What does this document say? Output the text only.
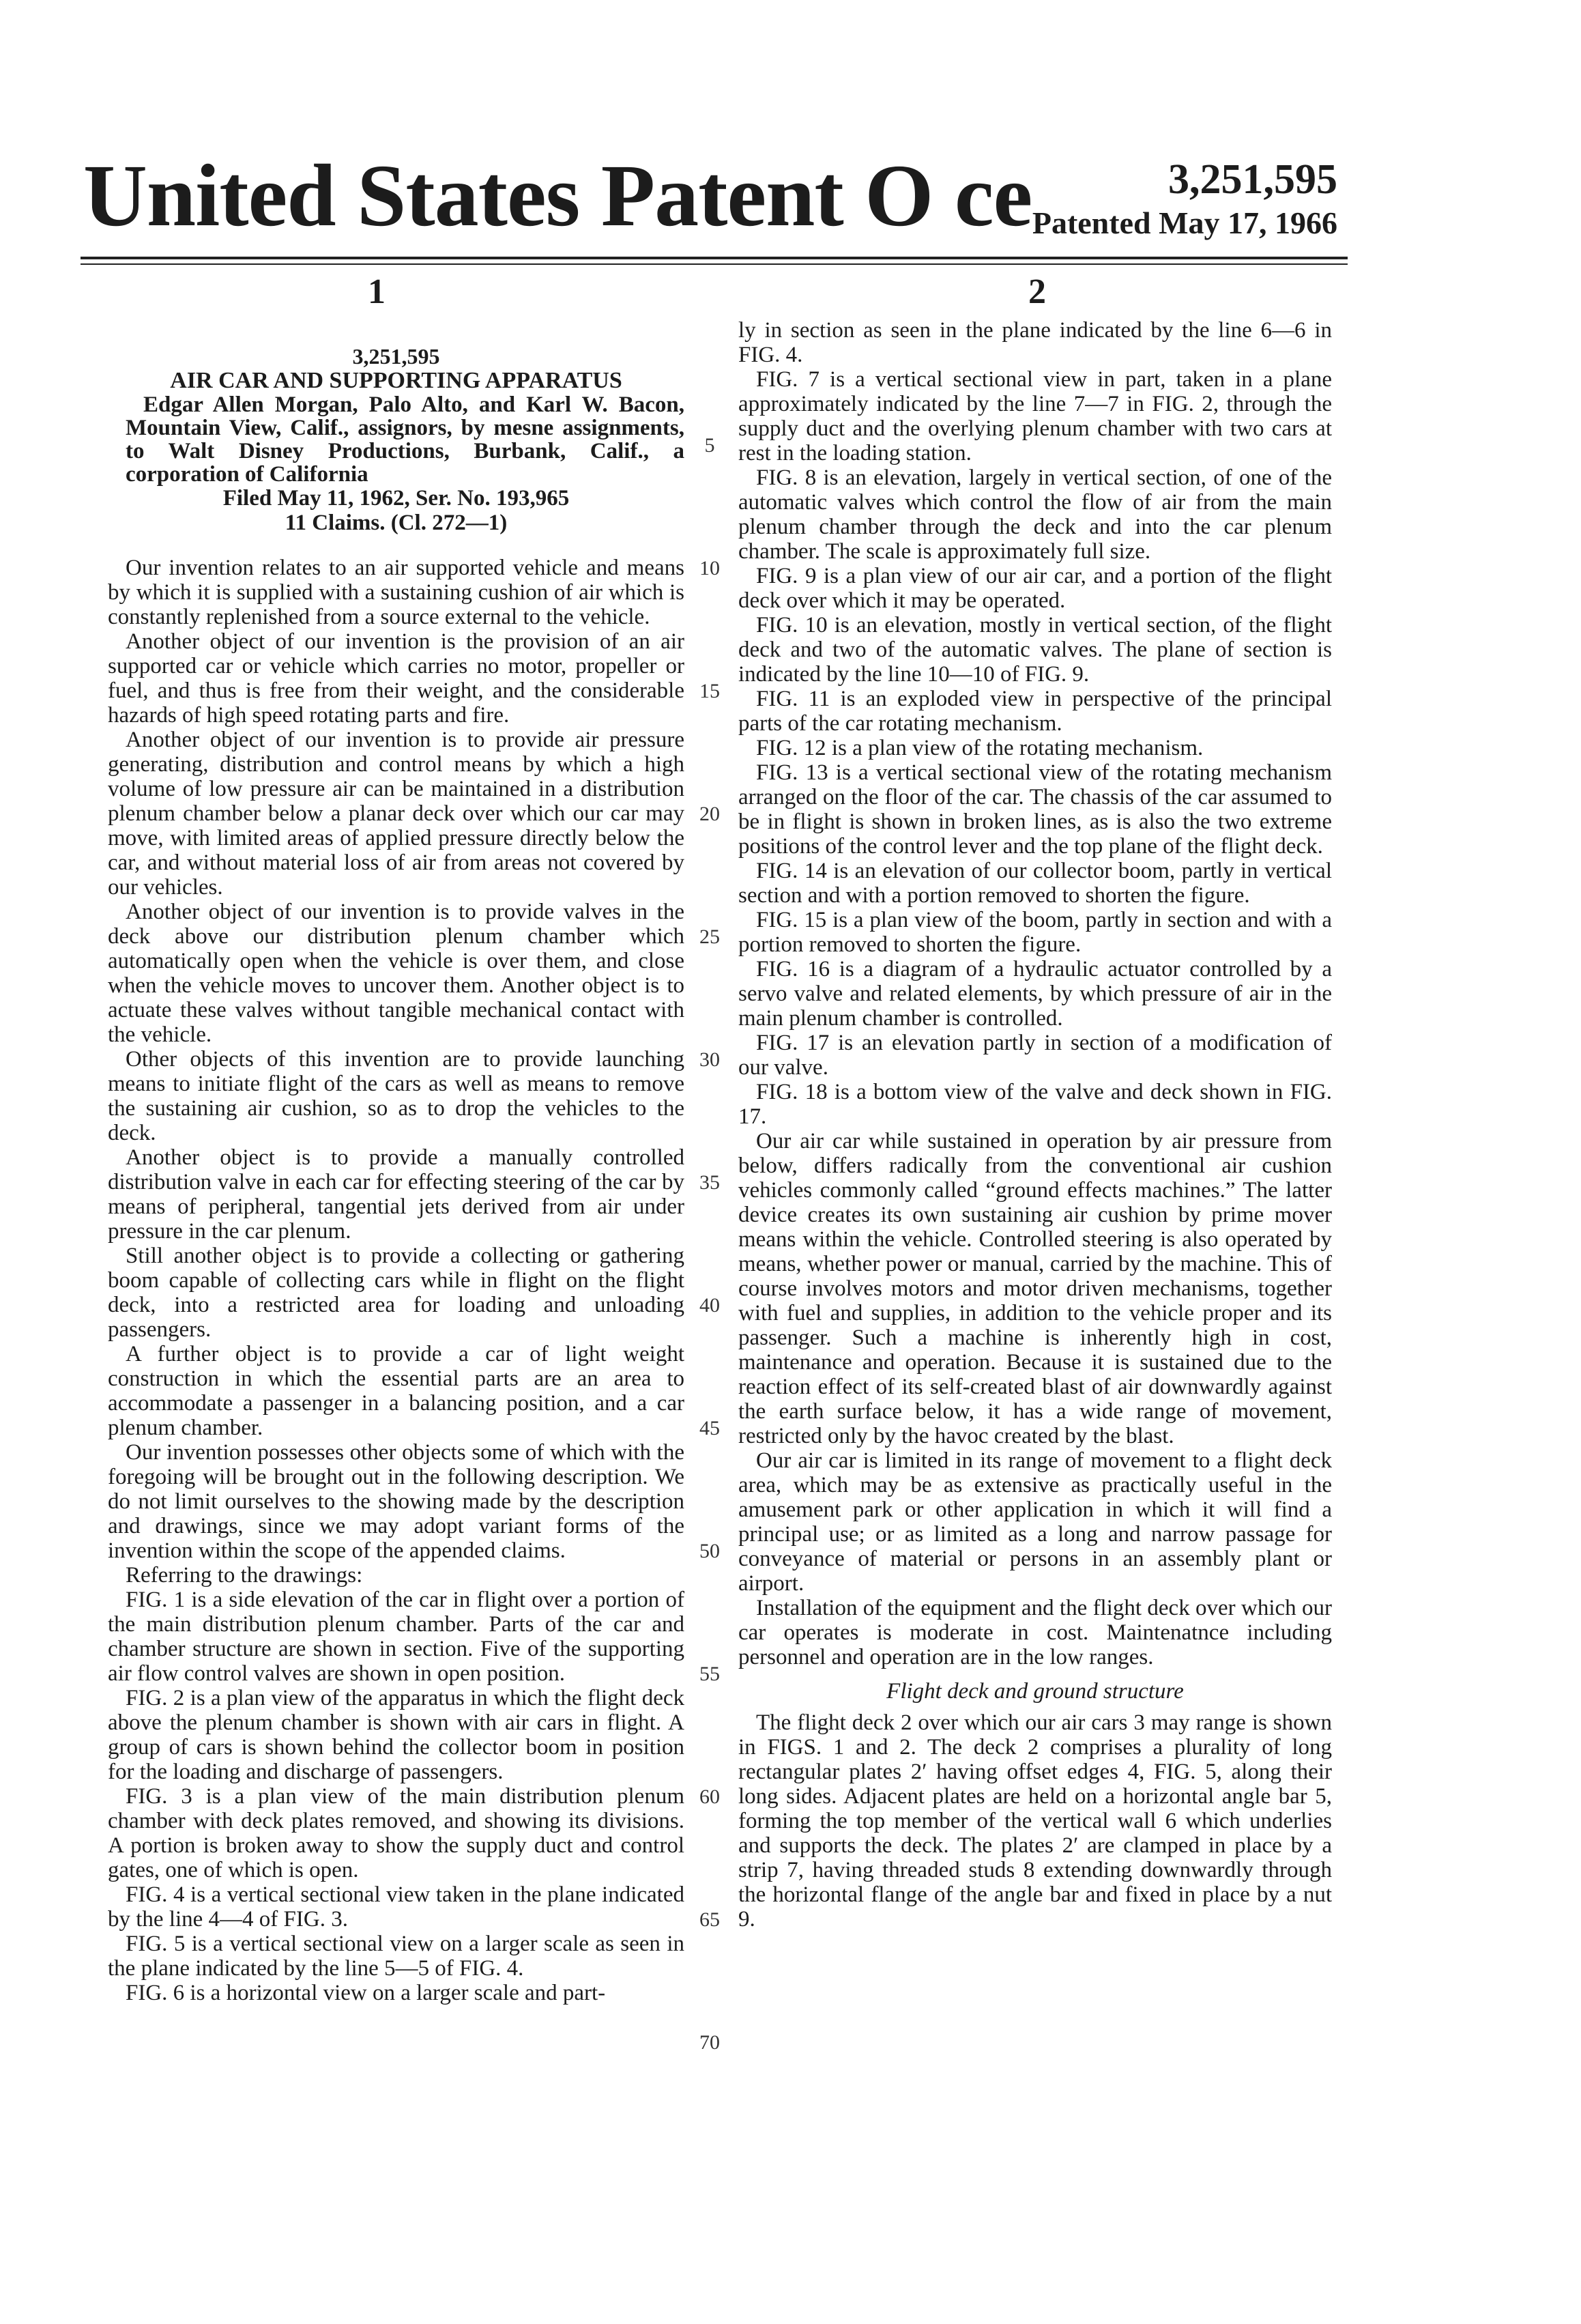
United States Patent O ce	3,251,595
Patented May 17, 1966
1	2
3,251,595
AIR CAR AND SUPPORTING APPARATUS

Edgar Allen Morgan, Palo Alto, and Karl W. Bacon, Mountain View, Calif., assignors, by mesne assignments, to Walt Disney Productions, Burbank, Calif., a corporation of California

Filed May 11, 1962, Ser. No. 193,965
11 Claims. (Cl. 272—1)

Our invention relates to an air supported vehicle and means by which it is supplied with a sustaining cushion of air which is constantly replenished from a source external to the vehicle.

Another object of our invention is the provision of an air supported car or vehicle which carries no motor, propeller or fuel, and thus is free from their weight, and the considerable hazards of high speed rotating parts and fire.

Another object of our invention is to provide air pressure generating, distribution and control means by which a high volume of low pressure air can be maintained in a distribution plenum chamber below a planar deck over which our car may move, with limited areas of applied pressure directly below the car, and without material loss of air from areas not covered by our vehicles.

Another object of our invention is to provide valves in the deck above our distribution plenum chamber which automatically open when the vehicle is over them, and close when the vehicle moves to uncover them. Another object is to actuate these valves without tangible mechanical contact with the vehicle.

Other objects of this invention are to provide launching means to initiate flight of the cars as well as means to remove the sustaining air cushion, so as to drop the vehicles to the deck.

Another object is to provide a manually controlled distribution valve in each car for effecting steering of the car by means of peripheral, tangential jets derived from air under pressure in the car plenum.

Still another object is to provide a collecting or gathering boom capable of collecting cars while in flight on the flight deck, into a restricted area for loading and unloading passengers.

A further object is to provide a car of light weight construction in which the essential parts are an area to accommodate a passenger in a balancing position, and a car plenum chamber.

Our invention possesses other objects some of which with the foregoing will be brought out in the following description. We do not limit ourselves to the showing made by the description and drawings, since we may adopt variant forms of the invention within the scope of the appended claims.

Referring to the drawings:

FIG. 1 is a side elevation of the car in flight over a portion of the main distribution plenum chamber. Parts of the car and chamber structure are shown in section. Five of the supporting air flow control valves are shown in open position.

FIG. 2 is a plan view of the apparatus in which the flight deck above the plenum chamber is shown with air cars in flight. A group of cars is shown behind the collector boom in position for the loading and discharge of passengers.

FIG. 3 is a plan view of the main distribution plenum chamber with deck plates removed, and showing its divisions. A portion is broken away to show the supply duct and control gates, one of which is open.

FIG. 4 is a vertical sectional view taken in the plane indicated by the line 4—4 of FIG. 3.

FIG. 5 is a vertical sectional view on a larger scale as seen in the plane indicated by the line 5—5 of FIG. 4.

FIG. 6 is a horizontal view on a larger scale and part-

5
10
15
20
25
30
35
40
45
50
55
60
65
70

ly in section as seen in the plane indicated by the line 6—6 in FIG. 4.

FIG. 7 is a vertical sectional view in part, taken in a plane approximately indicated by the line 7—7 in FIG. 2, through the supply duct and the overlying plenum chamber with two cars at rest in the loading station.

FIG. 8 is an elevation, largely in vertical section, of one of the automatic valves which control the flow of air from the main plenum chamber through the deck and into the car plenum chamber. The scale is approximately full size.

FIG. 9 is a plan view of our air car, and a portion of the flight deck over which it may be operated.

FIG. 10 is an elevation, mostly in vertical section, of the flight deck and two of the automatic valves. The plane of section is indicated by the line 10—10 of FIG. 9.

FIG. 11 is an exploded view in perspective of the principal parts of the car rotating mechanism.

FIG. 12 is a plan view of the rotating mechanism.

FIG. 13 is a vertical sectional view of the rotating mechanism arranged on the floor of the car. The chassis of the car assumed to be in flight is shown in broken lines, as is also the two extreme positions of the control lever and the top plane of the flight deck.

FIG. 14 is an elevation of our collector boom, partly in vertical section and with a portion removed to shorten the figure.

FIG. 15 is a plan view of the boom, partly in section and with a portion removed to shorten the figure.

FIG. 16 is a diagram of a hydraulic actuator controlled by a servo valve and related elements, by which pressure of air in the main plenum chamber is controlled.

FIG. 17 is an elevation partly in section of a modification of our valve.

FIG. 18 is a bottom view of the valve and deck shown in FIG. 17.

Our air car while sustained in operation by air pressure from below, differs radically from the conventional air cushion vehicles commonly called “ground effects machines.” The latter device creates its own sustaining air cushion by prime mover means within the vehicle. Controlled steering is also operated by means, whether power or manual, carried by the machine. This of course involves motors and motor driven mechanisms, together with fuel and supplies, in addition to the vehicle proper and its passenger. Such a machine is inherently high in cost, maintenance and operation. Because it is sustained due to the reaction effect of its self-created blast of air downwardly against the earth surface below, it has a wide range of movement, restricted only by the havoc created by the blast.

Our air car is limited in its range of movement to a flight deck area, which may be as extensive as practically useful in the amusement park or other application in which it will find a principal use; or as limited as a long and narrow passage for conveyance of material or persons in an assembly plant or airport.

Installation of the equipment and the flight deck over which our car operates is moderate in cost. Maintenatnce including personnel and operation are in the low ranges.

Flight deck and ground structure

The flight deck 2 over which our air cars 3 may range is shown in FIGS. 1 and 2. The deck 2 comprises a plurality of long rectangular plates 2′ having offset edges 4, FIG. 5, along their long sides. Adjacent plates are held on a horizontal angle bar 5, forming the top member of the vertical wall 6 which underlies and supports the deck. The plates 2′ are clamped in place by a strip 7, having threaded studs 8 extending downwardly through the horizontal flange of the angle bar and fixed in place by a nut 9.
